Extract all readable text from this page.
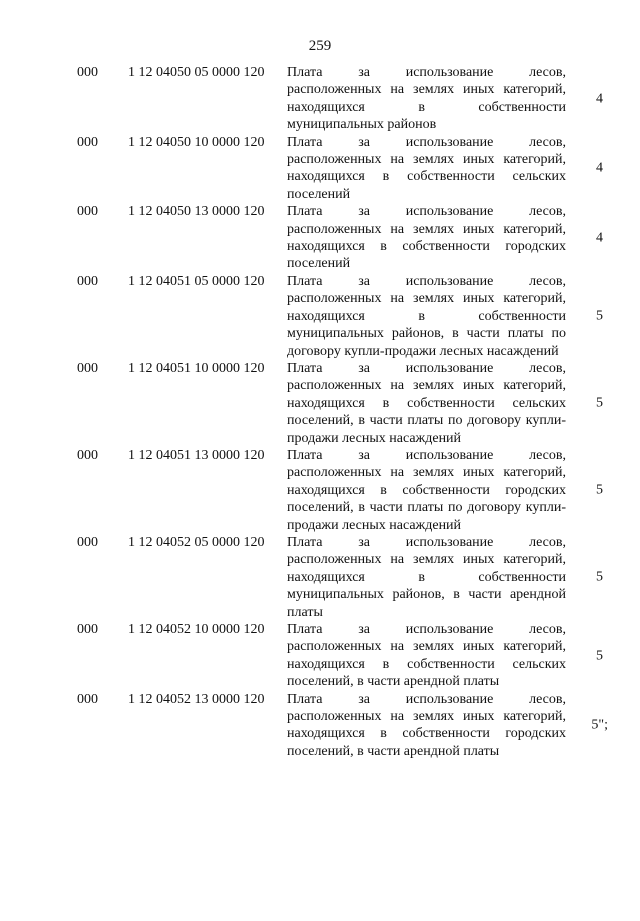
259
000 1 12 04050 05 0000 120 Плата за использование лесов, расположенных на землях иных категорий, находящихся в собственности муниципальных районов
4
000 1 12 04050 10 0000 120 Плата за использование лесов, расположенных на землях иных категорий, находящихся в собственности сельских поселений
4
000 1 12 04050 13 0000 120 Плата за использование лесов, расположенных на землях иных категорий, находящихся в собственности городских поселений
4
000 1 12 04051 05 0000 120 Плата за использование лесов, расположенных на землях иных категорий, находящихся в собственности муниципальных районов, в части платы по договору купли-продажи лесных насаждений
5
000 1 12 04051 10 0000 120 Плата за использование лесов, расположенных на землях иных категорий, находящихся в собственности сельских поселений, в части платы по договору купли-продажи лесных насаждений
5
000 1 12 04051 13 0000 120 Плата за использование лесов, расположенных на землях иных категорий, находящихся в собственности городских поселений, в части платы по договору купли-продажи лесных насаждений
5
000 1 12 04052 05 0000 120 Плата за использование лесов, расположенных на землях иных категорий, находящихся в собственности муниципальных районов, в части арендной платы
5
000 1 12 04052 10 0000 120 Плата за использование лесов, расположенных на землях иных категорий, находящихся в собственности сельских поселений, в части арендной платы
5
000 1 12 04052 13 0000 120 Плата за использование лесов, расположенных на землях иных категорий, находящихся в собственности городских поселений, в части арендной платы
5";
